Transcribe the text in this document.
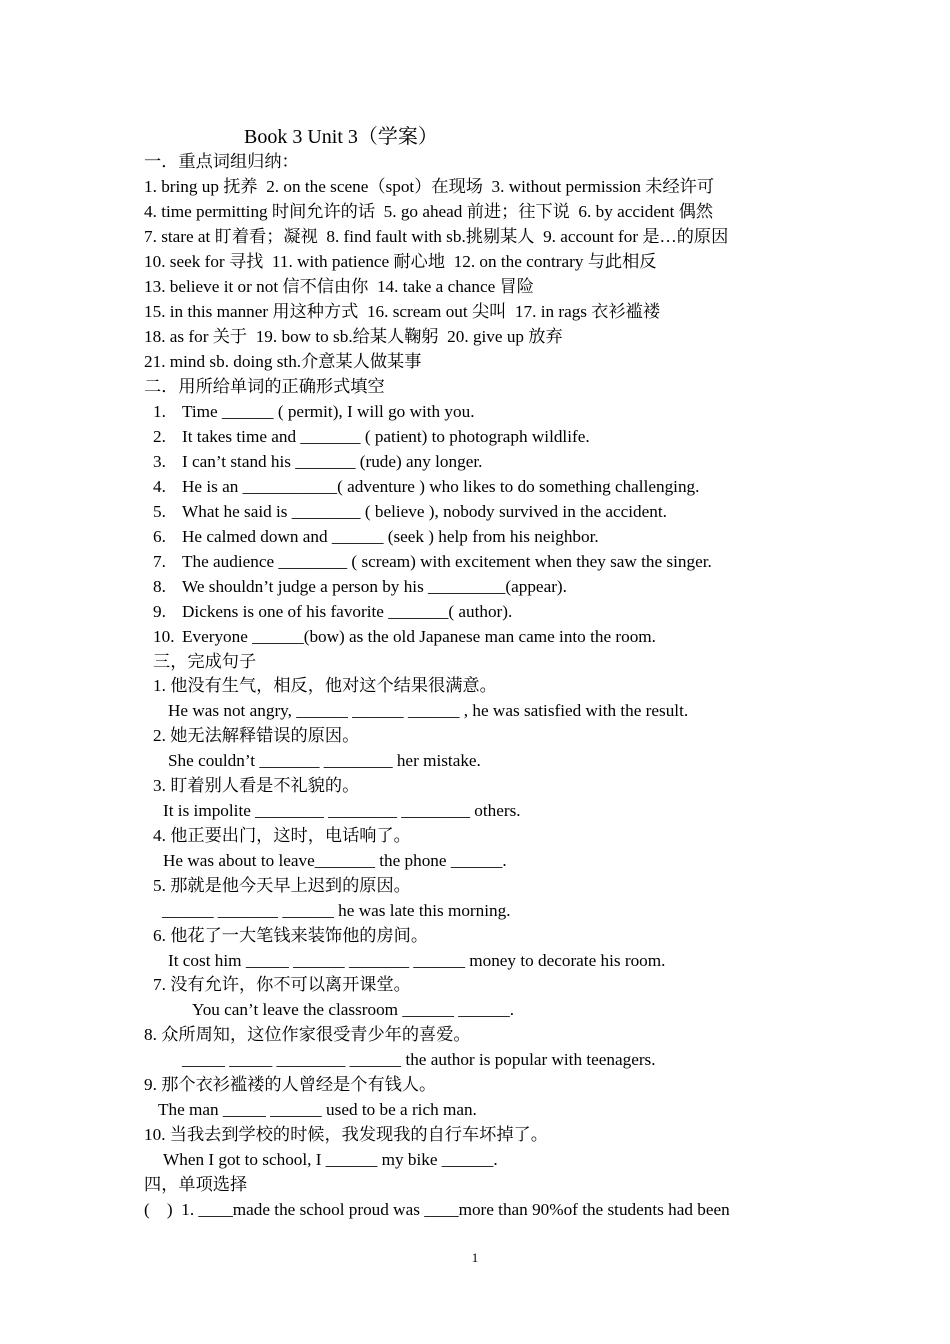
Book 3 Unit 3（学案）
一．重点词组归纳：
1. bring up 抚养  2. on the scene（spot）在现场  3. without permission 未经许可
4. time permitting 时间允许的话  5. go ahead 前进；往下说  6. by accident 偶然
7. stare at 盯着看；凝视  8. find fault with sb.挑剔某人  9. account for 是…的原因
10. seek for 寻找  11. with patience 耐心地  12. on the contrary 与此相反
13. believe it or not 信不信由你  14. take a chance 冒险
15. in this manner 用这种方式  16. scream out 尖叫  17. in rags 衣衫褴褛
18. as for 关于  19. bow to sb.给某人鞠躬  20. give up 放弃
21. mind sb. doing sth.介意某人做某事
二．用所给单词的正确形式填空
1. Time ______ ( permit), I will go with you.
2. It takes time and _______ ( patient) to photograph wildlife.
3. I can’t stand his _______ (rude) any longer.
4. He is an ___________( adventure ) who likes to do something challenging.
5. What he said is ________ ( believe ), nobody survived in the accident.
6. He calmed down and ______ (seek ) help from his neighbor.
7. The audience ________ ( scream) with excitement when they saw the singer.
8. We shouldn’t judge a person by his _________(appear).
9. Dickens is one of his favorite _______( author).
10. Everyone ______(bow) as the old Japanese man came into the room.
三，完成句子
1. 他没有生气，相反，他对这个结果很满意。
He was not angry, ______ ______ ______ , he was satisfied with the result.
2. 她无法解释错误的原因。
She couldn’t _______ ________ her mistake.
3. 盯着别人看是不礼貌的。
It is impolite ________ ________ ________ others.
4. 他正要出门，这时，电话响了。
He was about to leave_______ the phone ______.
5. 那就是他今天早上迟到的原因。
______ _______ ______ he was late this morning.
6. 他花了一大笔钱来装饰他的房间。
It cost him _____ ______ _______ ______ money to decorate his room.
7. 没有允许，你不可以离开课堂。
You can’t leave the classroom ______ ______.
8. 众所周知，这位作家很受青少年的喜爱。
_____ _____ ________ ______ the author is popular with teenagers.
9. 那个衣衫褴褛的人曾经是个有钱人。
The man _____ ______ used to be a rich man.
10. 当我去到学校的时候，我发现我的自行车坏掉了。
When I got to school, I ______ my bike ______.
四，单项选择
(    )  1. ____made the school proud was ____more than 90%of the students had been
1
